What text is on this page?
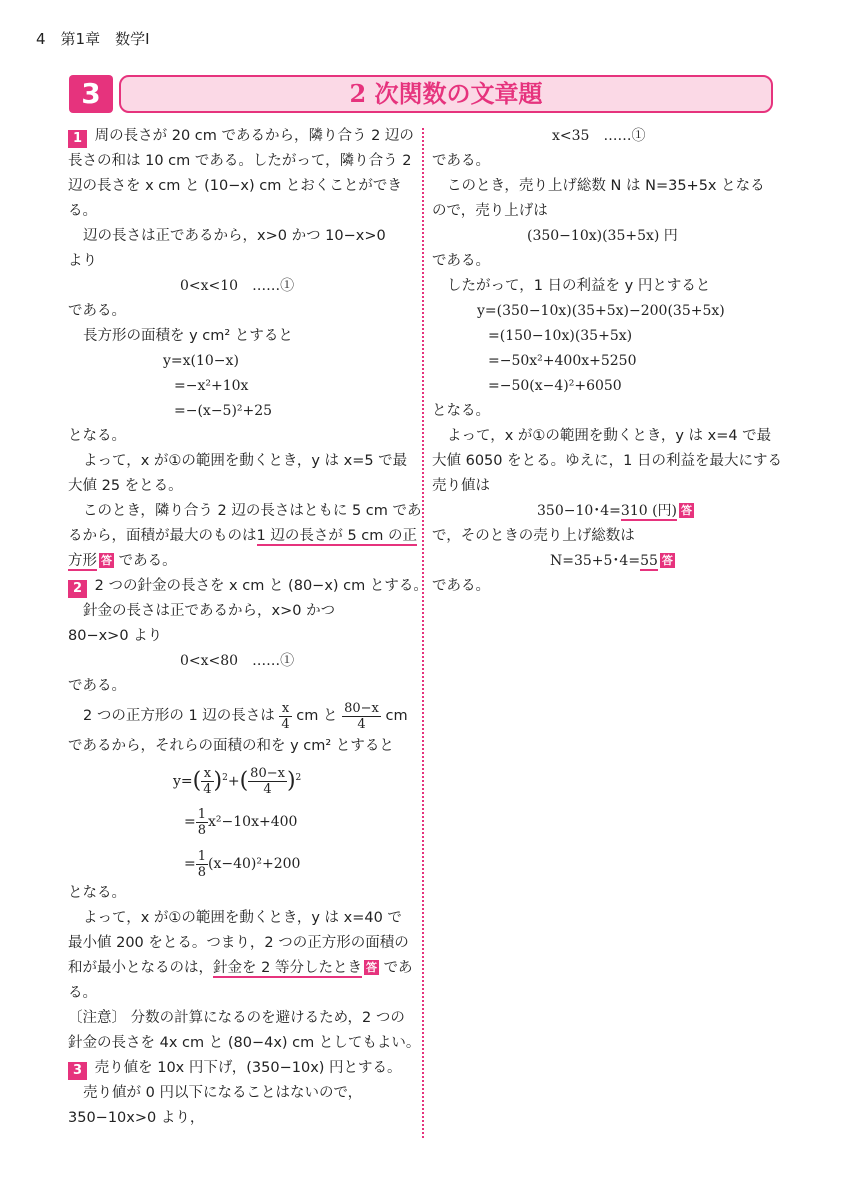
4　第1章　数学Ⅰ
3	2 次関数の文章題
1 周の長さが 20 cm であるから，隣り合う 2 辺の
長さの和は 10 cm である。したがって，隣り合う 2
辺の長さを x cm と (10−x) cm とおくことができ
る。
辺の長さは正であるから，x>0 かつ 10−x>0
より
0<x<10　……①
である。
長方形の面積を y cm² とすると
y=x(10−x)
=−x²+10x
=−(x−5)²+25
となる。
よって，x が①の範囲を動くとき，y は x=5 で最
大値 25 をとる。
このとき，隣り合う 2 辺の長さはともに 5 cm であ
るから，面積が最大のものは1 辺の長さが 5 cm の正
方形 答 である。
2 2 つの針金の長さを x cm と (80−x) cm とする。
針金の長さは正であるから，x>0 かつ
80−x>0 より
0<x<80　……①
である。
2 つの正方形の 1 辺の長さは $\frac{x}{4}$ cm と $\frac{80-x}{4}$ cm
であるから，それらの面積の和を y cm² とすると
$y=( \frac{x}{4} )^2+( \frac{80-x}{4} )^2$
= $\frac{1}{8} x^2-10x+400$
= $\frac{1}{8} (x-40)^2+200$
となる。
よって，x が①の範囲を動くとき，y は x=40 で
最小値 200 をとる。つまり，2 つの正方形の面積の
和が最小となるのは，針金を 2 等分したとき 答 であ
る。
〔注意〕 分数の計算になるのを避けるため，2 つの
針金の長さを 4x cm と (80−4x) cm としてもよい。
3 売り値を 10x 円下げ，(350−10x) 円とする。
売り値が 0 円以下になることはないので，
350−10x>0 より，
x<35　……①
である。
このとき，売り上げ総数 N は N=35+5x となる
ので，売り上げは
(350−10x)(35+5x) 円
である。
したがって，1 日の利益を y 円とすると
y=(350−10x)(35+5x)−200(35+5x)
=(150−10x)(35+5x)
=−50x²+400x+5250
=−50(x−4)²+6050
となる。
よって，x が①の範囲を動くとき，y は x=4 で最
大値 6050 をとる。ゆえに，1 日の利益を最大にする
売り値は
350−10･4=310 (円) 答
で，そのときの売り上げ総数は
N=35+5･4=55 答
である。
